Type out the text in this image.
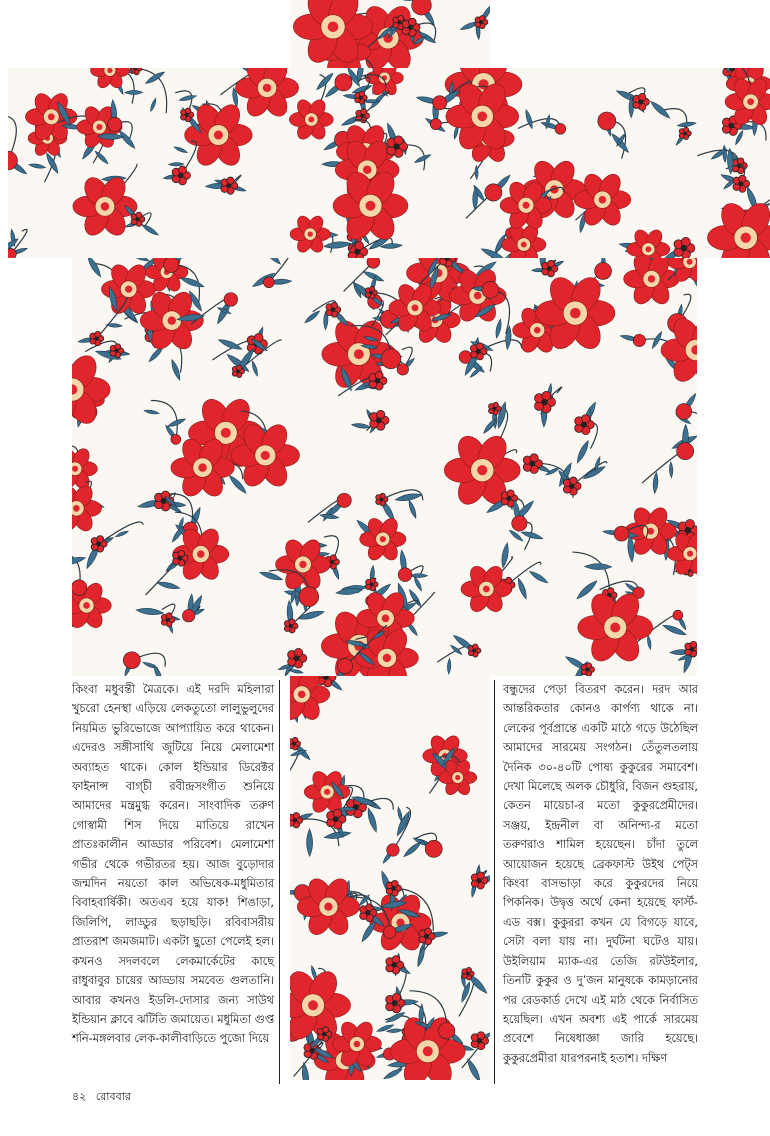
কিংবা মধুবন্তী মৈত্রকে। এই দরদি মহিলারা খুচরো হেনস্থা এড়িয়ে লেকতুতো লালুভুলুদের নিয়মিত ভুরিভোজে আপ্যায়িত করে থাকেন। এদেরও সঙ্গীসাথি জুটিয়ে নিয়ে মেলামেশা অব্যাহত থাকে। কোল ইন্ডিয়ার ডিরেক্টর ফাইনান্স বাগ্চী রবীন্দ্রসংগীত শুনিয়ে আমাদের মন্ত্রমুগ্ধ করেন। সাংবাদিক তরুণ গোস্বামী শিস দিয়ে মাতিয়ে রাখেন প্রাতঃকালীন আড্ডার পরিবেশ। মেলামেশা গভীর থেকে গভীরতর হয়। আজ বুড়োদার জন্মদিন নয়তো কাল অভিষেক-মধুমিতার বিবাহবার্ষিকী। অতএব হয়ে যাক! শিঙাড়া, জিলিপি, লাড্ডুর ছড়াছড়ি। রবিবাসরীয় প্রাতরাশ জমজমাট। একটা ছুতো পেলেই হল। কখনও সদলবলে লেকমার্কেটের কাছে রাধুবাবুর চায়ের আড্ডায় সমবেত গুলতানি। আবার কখনও ইডলি-দোসার জন্য সাউথ ইন্ডিয়ান ক্লাবে ঝটিতি জমায়েত। মধুমিতা গুপ্ত শনি-মঙ্গলবার লেক-কালীবাড়িতে পুজো দিয়ে

বন্ধুদের পেড়া বিতরণ করেন। দরদ আর আন্তরিকতার কোনও কার্পণ্য থাকে না। লেকের পূর্বপ্রান্তে একটি মাঠে গড়ে উঠেছিল আমাদের সারমেয় সংগঠন। তেঁতুলতলায় দৈনিক ৩০-৪০টি পোষ্য কুকুরের সমাবেশ। দেখা মিলেছে অলক চৌধুরি, বিজন গুহরায়, কেতন মায়েচা-র মতো কুকুরপ্রেমীদের। সঞ্জয়, ইন্দ্রনীল বা অনিন্দ্য-র মতো তরুণরাও শামিল হয়েছেন। চাঁদা তুলে আয়োজন হয়েছে ব্রেকফাস্ট উইথ পেট্স কিংবা বাসভাড়া করে কুকুরদের নিয়ে পিকনিক। উদ্বৃত্ত অর্থে কেনা হয়েছে ফার্স্ট-এড বক্স। কুকুররা কখন যে বিগড়ে যাবে, সেটা বলা যায় না। দুর্ঘটনা ঘটেও যায়। উইলিয়াম ম্যাক-এর তেজি রটউইলার, তিনটি কুকুর ও দু’জন মানুষকে কামড়ানোর পর রেডকার্ড দেখে এই মাঠ থেকে নির্বাসিত হয়েছিল। এখন অবশ্য এই পার্কে সারমেয় প্রবেশে নিষেধাজ্ঞা জারি হয়েছে। কুকুরপ্রেমীরা যারপরনাই হতাশ। দক্ষিণ

৪২ রোববার
